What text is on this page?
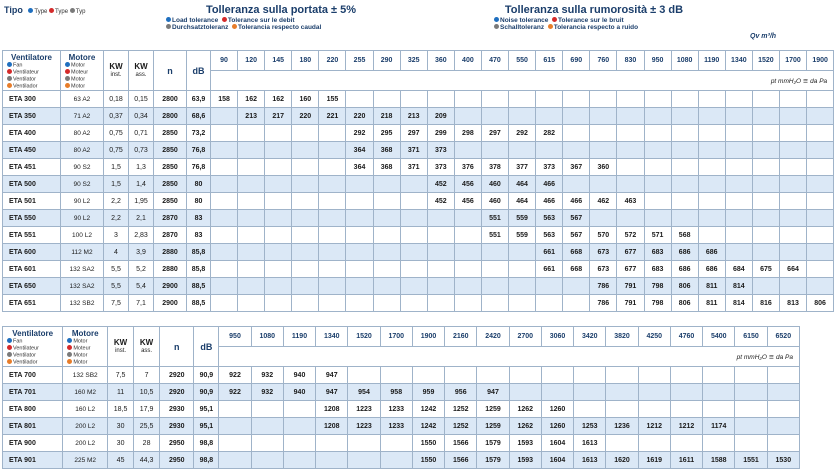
Tipo Type Type Typ	Tolleranza sulla portata ± 5%
Load tolerance Tolerance sur le debit
Durchsatztoleranz Tolerancia respecto caudal
Tolleranza sulla rumorosità ± 3 dB
Noise tolerance Tolerance sur le bruit
Schalltoleranz Tolerancia respecto a ruido
Qv m³/h
Ventilatore
Fan
Ventilateur
Ventilator
Ventilador	Motore
Motor
Moteur
Motor
Motor	KW
inst.	KW
ass.	n	dB	90	120	145	180	220	255	290	325	360	400	470	550	615	690	760	830	950	1080	1190	1340	1520	1700	1900
						pt mmH₂O ≅ da Pa																						
ETA 300	63 A2	0,18	0,15	2800	63,9	158	162	162	160	155																		
ETA 350	71 A2	0,37	0,34	2800	68,6		213	217	220	221	220	218	213	209														
ETA 400	80 A2	0,75	0,71	2850	73,2						292	295	297	299	298	297	292	282										
ETA 450	80 A2	0,75	0,73	2850	76,8						364	368	371	373														
ETA 451	90 S2	1,5	1,3	2850	76,8						364	368	371	373	376	378	377	373	367	360								
ETA 500	90 S2	1,5	1,4	2850	80									452	456	460	464	466										
ETA 501	90 L2	2,2	1,95	2850	80									452	456	460	464	466	466	462	463							
ETA 550	90 L2	2,2	2,1	2870	83											551	559	563	567									
ETA 551	100 L2	3	2,83	2870	83											551	559	563	567	570	572	571	568					
ETA 600	112 M2	4	3,9	2880	85,8													661	668	673	677	683	686	686				
ETA 601	132 SA2	5,5	5,2	2880	85,8													661	668	673	677	683	686	686	684	675	664	
ETA 650	132 SA2	5,5	5,4	2900	88,5															786	791	798	806	811	814			
ETA 651	132 SB2	7,5	7,1	2900	88,5															786	791	798	806	811	814	816	813	806
Ventilatore
Fan
Ventilateur
Ventilator
Ventilador	Motore
Motor
Moteur
Motor
Motor	KW
inst.	KW
ass.	n	dB	950	1080	1190	1340	1520	1700	1900	2160	2420	2700	3060	3420	3820	4250	4760	5400	6150	6520
						pt mmH₂O ≅ da Pa																	
ETA 700	132 SB2	7,5	7	2920	90,9	922	932	940	947														
ETA 701	160 M2	11	10,5	2920	90,9	922	932	940	947	954	958	959	956	947									
ETA 800	160 L2	18,5	17,9	2930	95,1				1208	1223	1233	1242	1252	1259	1262	1260							
ETA 801	200 L2	30	25,5	2930	95,1				1208	1223	1233	1242	1252	1259	1262	1260	1253	1236	1212	1212	1174		
ETA 900	200 L2	30	28	2950	98,8							1550	1566	1579	1593	1604	1613						
ETA 901	225 M2	45	44,3	2950	98,8							1550	1566	1579	1593	1604	1613	1620	1619	1611	1588	1551	1530
